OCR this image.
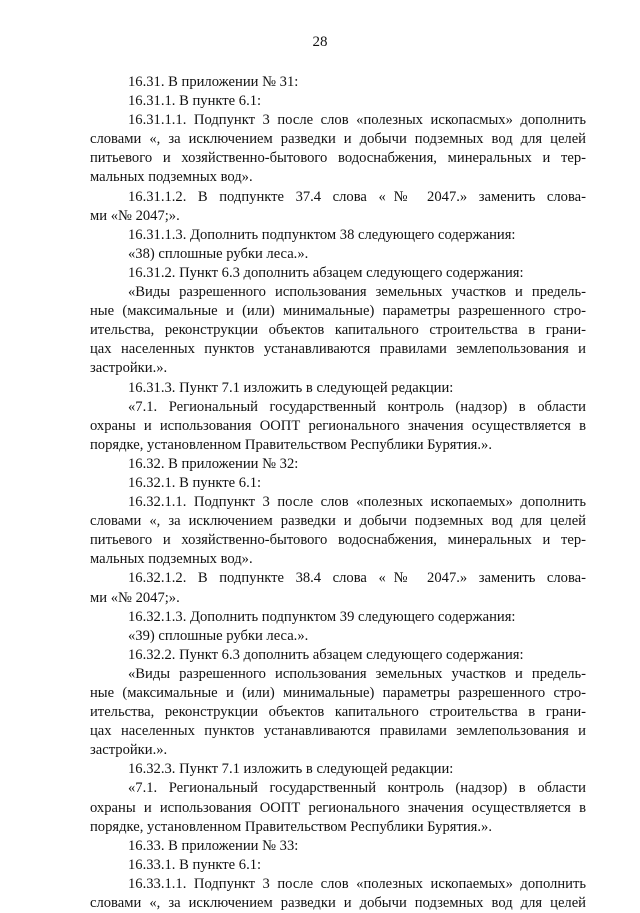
28
16.31. В приложении № 31:
16.31.1. В пункте 6.1:
16.31.1.1. Подпункт 3 после слов «полезных ископасмых» дополнить
словами «, за исключением разведки и добычи подземных вод для целей
питьевого и хозяйственно-бытового водоснабжения, минеральных и тер-
мальных подземных вод».
16.31.1.2. В подпункте 37.4 слова «№ 2047.» заменить слова-
ми «№ 2047;».
16.31.1.3. Дополнить подпунктом 38 следующего содержания:
«38) сплошные рубки леса.».
16.31.2. Пункт 6.3 дополнить абзацем следующего содержания:
«Виды разрешенного использования земельных участков и предель-
ные (максимальные и (или) минимальные) параметры разрешенного стро-
ительства, реконструкции объектов капитального строительства в грани-
цах населенных пунктов устанавливаются правилами землепользования и
застройки.».
16.31.3. Пункт 7.1 изложить в следующей редакции:
«7.1. Региональный государственный контроль (надзор) в области
охраны и использования ООПТ регионального значения осуществляется в
порядке, установленном Правительством Республики Бурятия.».
16.32. В приложении № 32:
16.32.1. В пункте 6.1:
16.32.1.1. Подпункт 3 после слов «полезных ископаемых» дополнить
словами «, за исключением разведки и добычи подземных вод для целей
питьевого и хозяйственно-бытового водоснабжения, минеральных и тер-
мальных подземных вод».
16.32.1.2. В подпункте 38.4 слова «№ 2047.» заменить слова-
ми «№ 2047;».
16.32.1.3. Дополнить подпунктом 39 следующего содержания:
«39) сплошные рубки леса.».
16.32.2. Пункт 6.3 дополнить абзацем следующего содержания:
«Виды разрешенного использования земельных участков и предель-
ные (максимальные и (или) минимальные) параметры разрешенного стро-
ительства, реконструкции объектов капитального строительства в грани-
цах населенных пунктов устанавливаются правилами землепользования и
застройки.».
16.32.3. Пункт 7.1 изложить в следующей редакции:
«7.1. Региональный государственный контроль (надзор) в области
охраны и использования ООПТ регионального значения осуществляется в
порядке, установленном Правительством Республики Бурятия.».
16.33. В приложении № 33:
16.33.1. В пункте 6.1:
16.33.1.1. Подпункт 3 после слов «полезных ископаемых» дополнить
словами «, за исключением разведки и добычи подземных вод для целей
